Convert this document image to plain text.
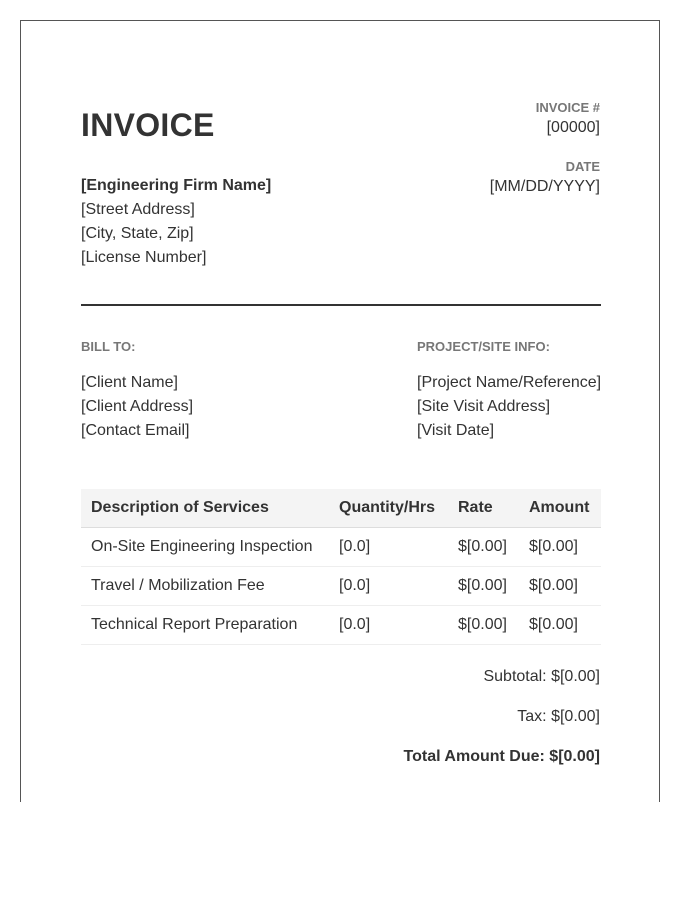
INVOICE	INVOICE #
[00000]
DATE
[MM/DD/YYYY]
[Engineering Firm Name]
[Street Address]
[City, State, Zip]
[License Number]
BILL TO:
[Client Name]
[Client Address]
[Contact Email]
PROJECT/SITE INFO:
[Project Name/Reference]
[Site Visit Address]
[Visit Date]
Description of Services	Quantity/Hrs	Rate	Amount
On-Site Engineering Inspection	[0.0]	$[0.00]	$[0.00]
Travel / Mobilization Fee	[0.0]	$[0.00]	$[0.00]
Technical Report Preparation	[0.0]	$[0.00]	$[0.00]
Subtotal: $[0.00]
Tax: $[0.00]
Total Amount Due: $[0.00]
